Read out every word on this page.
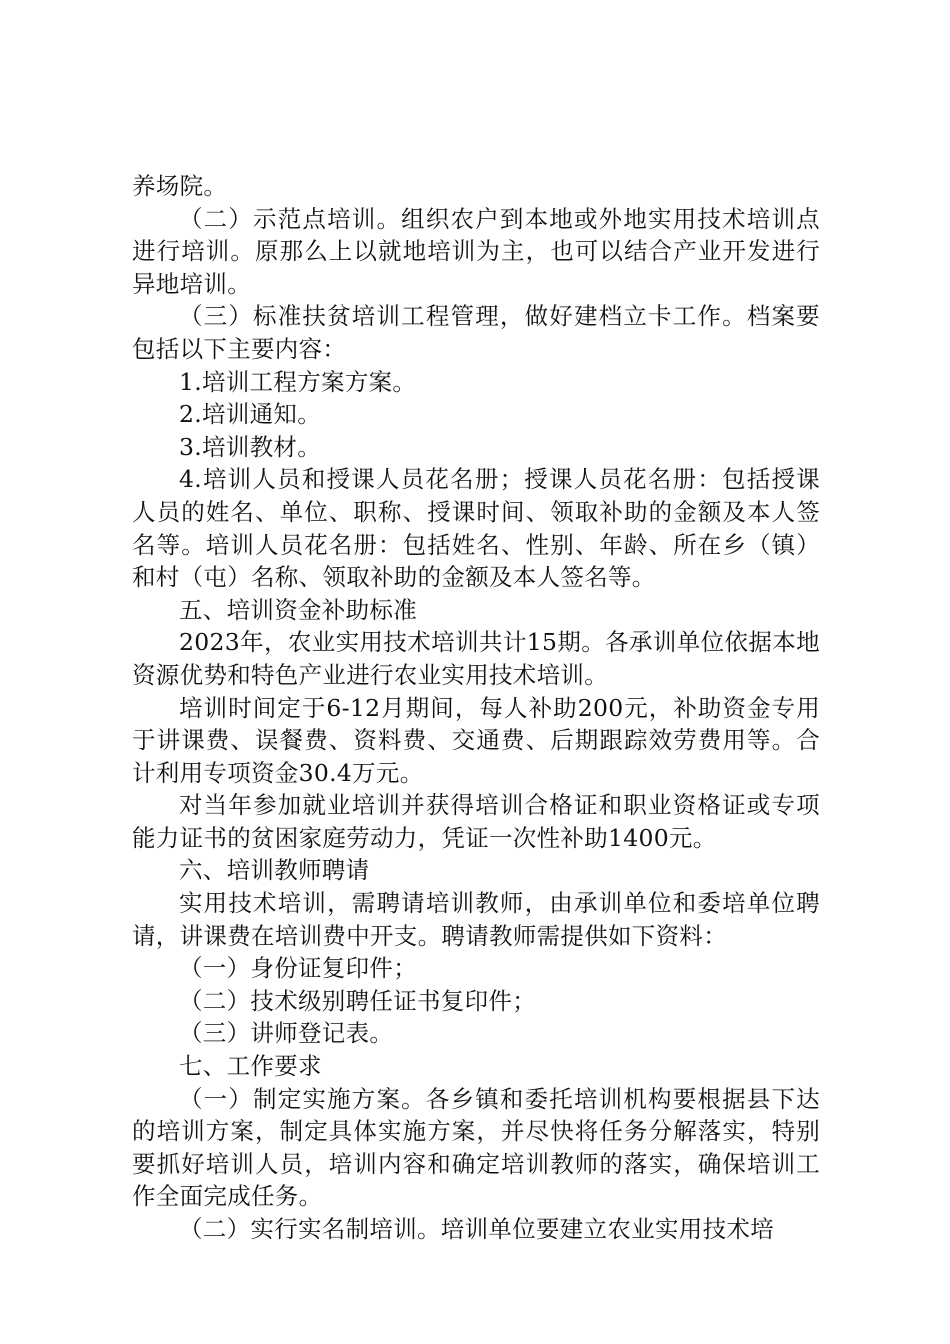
养场院。

（二）示范点培训。组织农户到本地或外地实用技术培训点进行培训。原那么上以就地培训为主，也可以结合产业开发进行异地培训。

（三）标准扶贫培训工程管理，做好建档立卡工作。档案要包括以下主要内容：

1.培训工程方案方案。

2.培训通知。

3.培训教材。

4.培训人员和授课人员花名册；授课人员花名册：包括授课人员的姓名、单位、职称、授课时间、领取补助的金额及本人签名等。培训人员花名册：包括姓名、性别、年龄、所在乡（镇）和村（屯）名称、领取补助的金额及本人签名等。

五、培训资金补助标准

2023年，农业实用技术培训共计15期。各承训单位依据本地资源优势和特色产业进行农业实用技术培训。

培训时间定于6-12月期间，每人补助200元，补助资金专用于讲课费、误餐费、资料费、交通费、后期跟踪效劳费用等。合计利用专项资金30.4万元。

对当年参加就业培训并获得培训合格证和职业资格证或专项能力证书的贫困家庭劳动力，凭证一次性补助1400元。

六、培训教师聘请

实用技术培训，需聘请培训教师，由承训单位和委培单位聘请，讲课费在培训费中开支。聘请教师需提供如下资料：

（一）身份证复印件；

（二）技术级别聘任证书复印件；

（三）讲师登记表。

七、工作要求

（一）制定实施方案。各乡镇和委托培训机构要根据县下达的培训方案，制定具体实施方案，并尽快将任务分解落实，特别要抓好培训人员，培训内容和确定培训教师的落实，确保培训工作全面完成任务。

（二）实行实名制培训。培训单位要建立农业实用技术培
